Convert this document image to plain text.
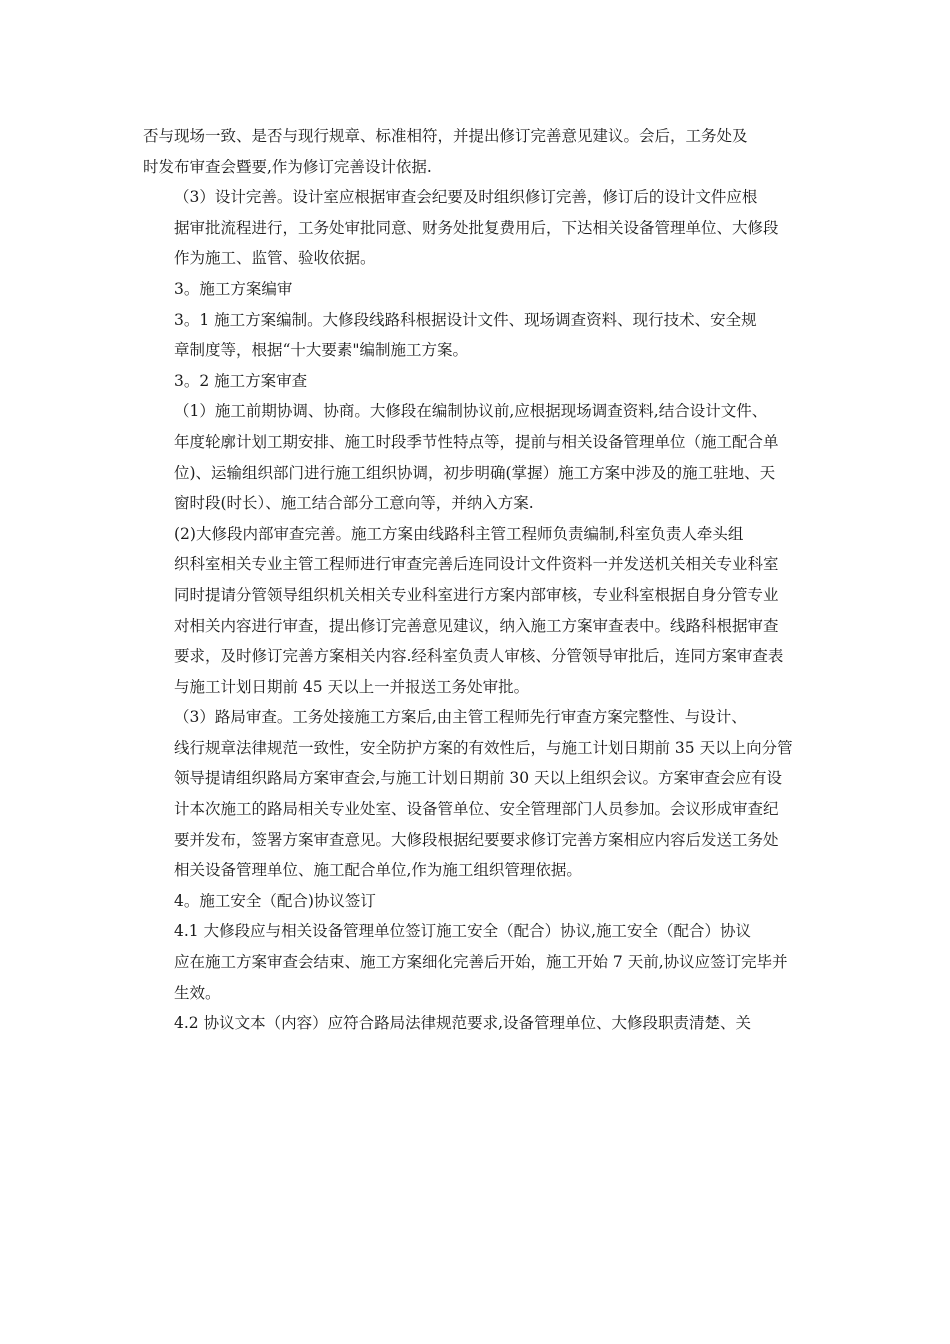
否与现场一致、是否与现行规章、标准相符，并提出修订完善意见建议。会后，工务处及
时发布审查会暨要,作为修订完善设计依据.

（3）设计完善。设计室应根据审查会纪要及时组织修订完善，修订后的设计文件应根
据审批流程进行，工务处审批同意、财务处批复费用后，下达相关设备管理单位、大修段
作为施工、监管、验收依据。

3。施工方案编审

3。1 施工方案编制。大修段线路科根据设计文件、现场调查资料、现行技术、安全规
章制度等，根据“十大要素"编制施工方案。

3。2 施工方案审查

（1）施工前期协调、协商。大修段在编制协议前,应根据现场调查资料,结合设计文件、
年度轮廓计划工期安排、施工时段季节性特点等，提前与相关设备管理单位（施工配合单
位)、运输组织部门进行施工组织协调，初步明确(掌握）施工方案中涉及的施工驻地、天
窗时段(时长）、施工结合部分工意向等，并纳入方案.

(2)大修段内部审查完善。施工方案由线路科主管工程师负责编制,科室负责人牵头组
织科室相关专业主管工程师进行审查完善后连同设计文件资料一并发送机关相关专业科室
同时提请分管领导组织机关相关专业科室进行方案内部审核，专业科室根据自身分管专业
对相关内容进行审查，提出修订完善意见建议，纳入施工方案审查表中。线路科根据审查
要求，及时修订完善方案相关内容.经科室负责人审核、分管领导审批后，连同方案审查表
与施工计划日期前 45 天以上一并报送工务处审批。

（3）路局审查。工务处接施工方案后,由主管工程师先行审查方案完整性、与设计、
线行规章法律规范一致性，安全防护方案的有效性后，与施工计划日期前 35 天以上向分管
领导提请组织路局方案审查会,与施工计划日期前 30 天以上组织会议。方案审查会应有设
计本次施工的路局相关专业处室、设备管单位、安全管理部门人员参加。会议形成审查纪
要并发布，签署方案审查意见。大修段根据纪要要求修订完善方案相应内容后发送工务处
相关设备管理单位、施工配合单位,作为施工组织管理依据。

4。施工安全（配合)协议签订

4.1 大修段应与相关设备管理单位签订施工安全（配合）协议,施工安全（配合）协议
应在施工方案审查会结束、施工方案细化完善后开始，施工开始 7 天前,协议应签订完毕并
生效。

4.2 协议文本（内容）应符合路局法律规范要求,设备管理单位、大修段职责清楚、关
